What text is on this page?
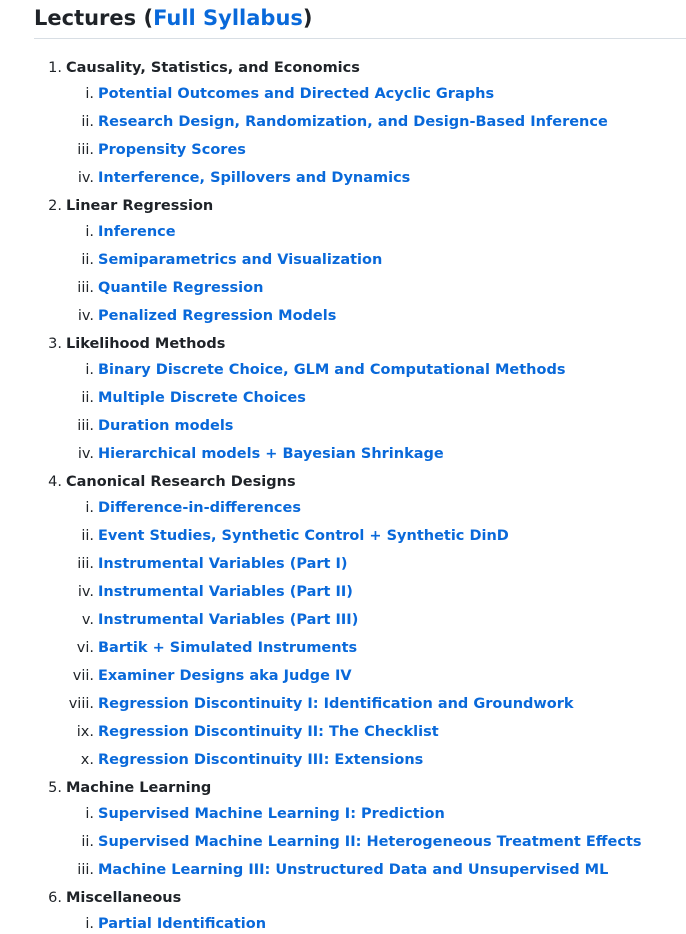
Lectures (Full Syllabus)
1. Causality, Statistics, and Economics
i. Potential Outcomes and Directed Acyclic Graphs
ii. Research Design, Randomization, and Design-Based Inference
iii. Propensity Scores
iv. Interference, Spillovers and Dynamics
2. Linear Regression
i. Inference
ii. Semiparametrics and Visualization
iii. Quantile Regression
iv. Penalized Regression Models
3. Likelihood Methods
i. Binary Discrete Choice, GLM and Computational Methods
ii. Multiple Discrete Choices
iii. Duration models
iv. Hierarchical models + Bayesian Shrinkage
4. Canonical Research Designs
i. Difference-in-differences
ii. Event Studies, Synthetic Control + Synthetic DinD
iii. Instrumental Variables (Part I)
iv. Instrumental Variables (Part II)
v. Instrumental Variables (Part III)
vi. Bartik + Simulated Instruments
vii. Examiner Designs aka Judge IV
viii. Regression Discontinuity I: Identification and Groundwork
ix. Regression Discontinuity II: The Checklist
x. Regression Discontinuity III: Extensions
5. Machine Learning
i. Supervised Machine Learning I: Prediction
ii. Supervised Machine Learning II: Heterogeneous Treatment Effects
iii. Machine Learning III: Unstructured Data and Unsupervised ML
6. Miscellaneous
i. Partial Identification
